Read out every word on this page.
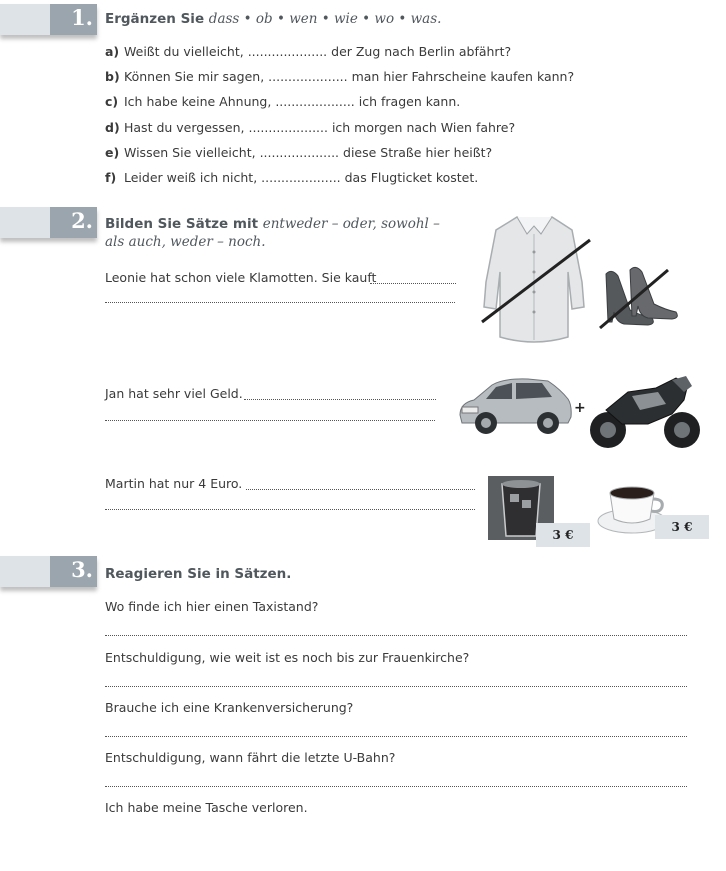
1. Ergänzen Sie dass • ob • wen • wie • wo • was.
a) Weißt du vielleicht, .................... der Zug nach Berlin abfährt?
b) Können Sie mir sagen, .................... man hier Fahrscheine kaufen kann?
c) Ich habe keine Ahnung, .................... ich fragen kann.
d) Hast du vergessen, .................... ich morgen nach Wien fahre?
e) Wissen Sie vielleicht, .................... diese Straße hier heißt?
f) Leider weiß ich nicht, .................... das Flugticket kostet.
2. Bilden Sie Sätze mit entweder – oder, sowohl –
als auch, weder – noch.
Leonie hat schon viele Klamotten. Sie kauft
Jan hat sehr viel Geld.
Martin hat nur 4 Euro.
+
3 €
3 €
3. Reagieren Sie in Sätzen.
Wo finde ich hier einen Taxistand?
Entschuldigung, wie weit ist es noch bis zur Frauenkirche?
Brauche ich eine Krankenversicherung?
Entschuldigung, wann fährt die letzte U-Bahn?
Ich habe meine Tasche verloren.
